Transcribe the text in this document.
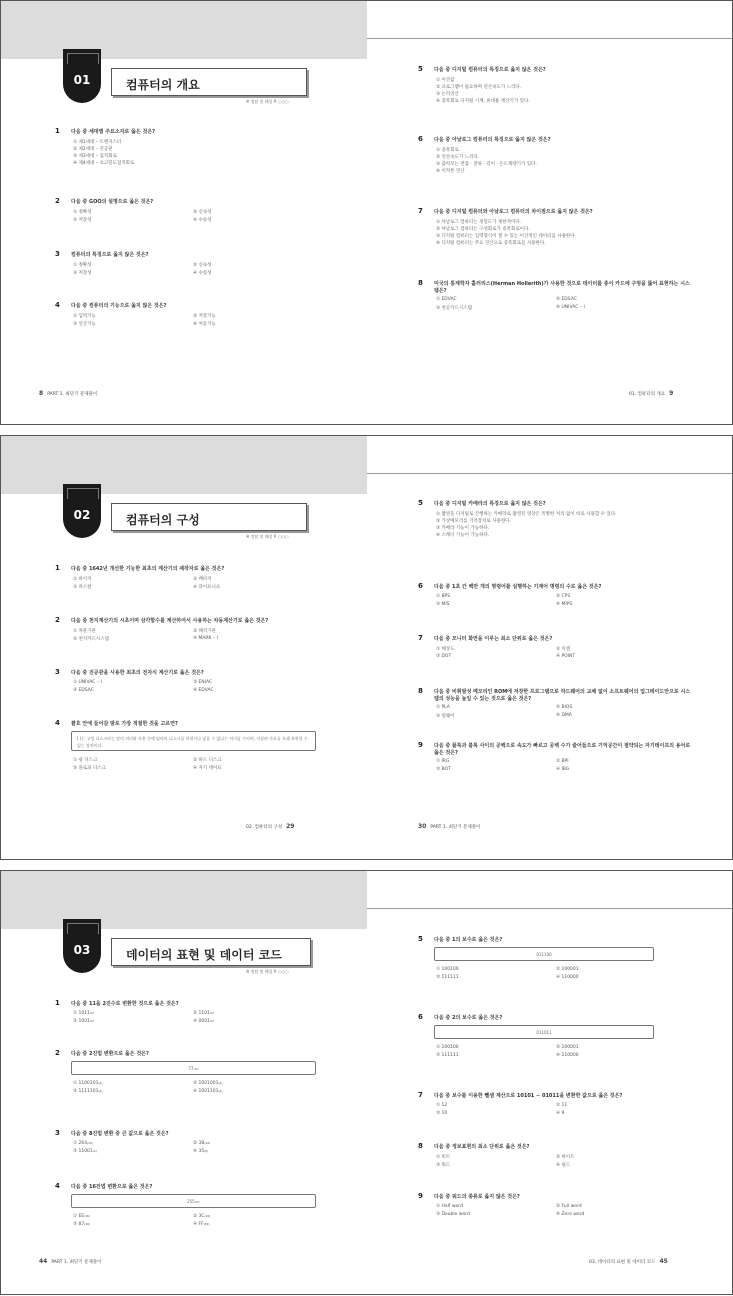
01	컴퓨터의 개요
※ 정답 및 해설 P. ○○○
1 다음 중 세대별 주요소자로 옳은 것은?
① 제1세대 – 트랜지스터
② 제2세대 – 진공관
③ 제3세대 – 집적회로
④ 제4세대 – 초고밀도집적회로
2 다음 중 GOO의 설명으로 옳은 것은?
① 정확성	② 신속성
③ 저장성	④ 수송성
3 컴퓨터의 특징으로 옳지 않은 것은?
① 정확성	② 신속성
③ 저장성	④ 수송성
4 다음 중 컴퓨터의 기능으로 옳지 않은 것은?
① 입력기능	② 저장기능
③ 연산기능	④ 처동기능
5 다음 중 디지털 컴퓨터의 특징으로 옳지 않은 것은?
① 이산값
② 프로그램이 필요하며 연산속도가 느리다.
③ 논리연산
④ 증폭회로 디지털 시계, 휴대용 계산기가 있다.
6 다음 중 아날로그 컴퓨터의 특징으로 옳지 않은 것은?
① 증폭회로
② 연산속도가 느리다.
③ 출력모는 전압 · 전류 · 길이 · 온도계량기가 있다.
④ 이적론 연산
7 다음 중 디지털 컴퓨터와 아날로그 컴퓨터의 차이점으로 옳지 않은 것은?
① 아날로그 컴퓨터는 정밀도가 제한적이다.
② 아날로그 컴퓨터는 구성회로가 증폭회로이다.
③ 디지털 컴퓨터는 입력형식이 셀 수 있는 이산적인 데이터를 사용한다.
④ 디지털 컴퓨터는 주요 연산으로 증폭회로를 사용한다.
8 미국의 통계학자 홀러리스(Herman Hollerith)가 사용한 것으로 데이터를 종이 카드에 구멍을 뚫어 표현하는 시스템은?
① EDVAC	② EDSAC
③ 천공카드시스템	④ UNIVAC – I
8 PART 1. 최단기 문제풀이	01. 컴퓨터의 개요 9
02	컴퓨터의 구성
※ 정답 및 해설 P. ○○○
1 다음 중 1642년 개선한 기능한 최초의 계산기의 제작자로 옳은 것은?
① 바이지	② 배비지
③ 파스칼	④ 라이프니츠
2 다음 중 천지계산기의 시초이며 삼각함수를 계산하여서 사용하는 차동계산기로 옳은 것은?
① 차분기관	② 해석기관
③ 천지카드시스템	④ MARK – I
3 다음 중 진공관을 사용한 최초의 전자식 계산기로 옳은 것은?
① UNIVAC – I	② ENIAC
③ EDSAC	④ EDVAC
4 괄호 안에 들어갈 말로 가장 적절한 것을 고르면?
( )는 고정 디스크라는 말의 의미와 사용 중에 임의의 디스크를 꺼내거나 넣을 수 없다는 의미를 가지며, 저장된 자료를 오래 보관할 수 있는 장치이다.
① 광 디스크	② 하드 디스크
③ 플로피 디스크	④ 자기 테이프
5 다음 중 디지털 카메라의 특징으로 옳지 않은 것은?
① 촬영을 디지털로 진행하는 카메라로 촬영된 영상은 특별한 처리 없이 바로 사용할 수 있다.
② 가상메모리를 기억장치로 사용한다.
③ 카메라 기능이 가능하다.
④ 스캐너 기능이 가능하다.
6 다음 중 1초 간 백만 개의 명령어를 실행하는 기계어 명령의 수로 옳은 것은?
① BPS	② CPS
③ MIS	④ MIPS
7 다음 중 모니터 화면을 이루는 최소 단위로 옳은 것은?
① 해상도	② 픽셀
③ DOT	④ POINT
8 다음 중 비휘발성 메모리인 ROM에 저장한 프로그램으로 하드웨어의 교체 없이 소프트웨어의 업그레이드만으로 시스템의 성능을 높일 수 있는 것으로 옳은 것은?
① PLA	② BIOS
③ 펌웨어	④ DMA
9 다음 중 플록과 블록 사이의 공백으로 속도가 빠르고 공백 수가 줄어들으로 기억공간이 절약되는 자기테이프의 용어로 옳은 것은?
① IRG	② BPI
③ BOT	④ IBG
02. 컴퓨터의 구성 29	30 PART 1. 최단기 문제풀이
03	데이터의 표현 및 데이터 코드
※ 정답 및 해설 P. ○○○
1 다음 중 11을 2진수로 변환한 것으로 옳은 것은?
① 1011₍₂₎	② 1101₍₂₎
③ 1001₍₂₎	④ 0001₍₂₎
2 다음 중 2진법 변환으로 옳은 것은?
77₍₁₀₎
① 1100101₍₂₎	② 1001001₍₂₎
③ 1111101₍₂₎	④ 1001101₍₂₎
3 다음 중 8진법 변환 중 큰 값으로 옳은 것은?
① 264₍₁₀₎	② 3B₍₁₆₎
③ 11001₍₂₎	④ 35₍₈₎
4 다음 중 16진법 변환으로 옳은 것은?
255₍₁₀₎
① EE₍₁₆₎	② 3C₍₁₆₎
③ 87₍₁₆₎	④ FF₍₁₆₎
5 다음 중 1의 보수로 옳은 것은?
011100
① 100100	② 100001
③ 111111	④ 110000
6 다음 중 2의 보수로 옳은 것은?
011011
① 100100	② 100001
③ 111111	④ 110000
7 다음 중 보수를 이용한 뺄셈 계산으로 10101 − 01011을 변환한 값으로 옳은 것은?
① 12	② 11
③ 10	④ 9
8 다음 중 정보표현의 최소 단위로 옳은 것은?
① 비트	② 바이트
③ 워드	④ 필드
9 다음 중 워드의 종류로 옳지 않은 것은?
① Half word	② Full word
③ Double word	④ Zero word
44 PART 1. 최단기 문제풀이	03. 데이터의 표현 및 데이터 코드 45
